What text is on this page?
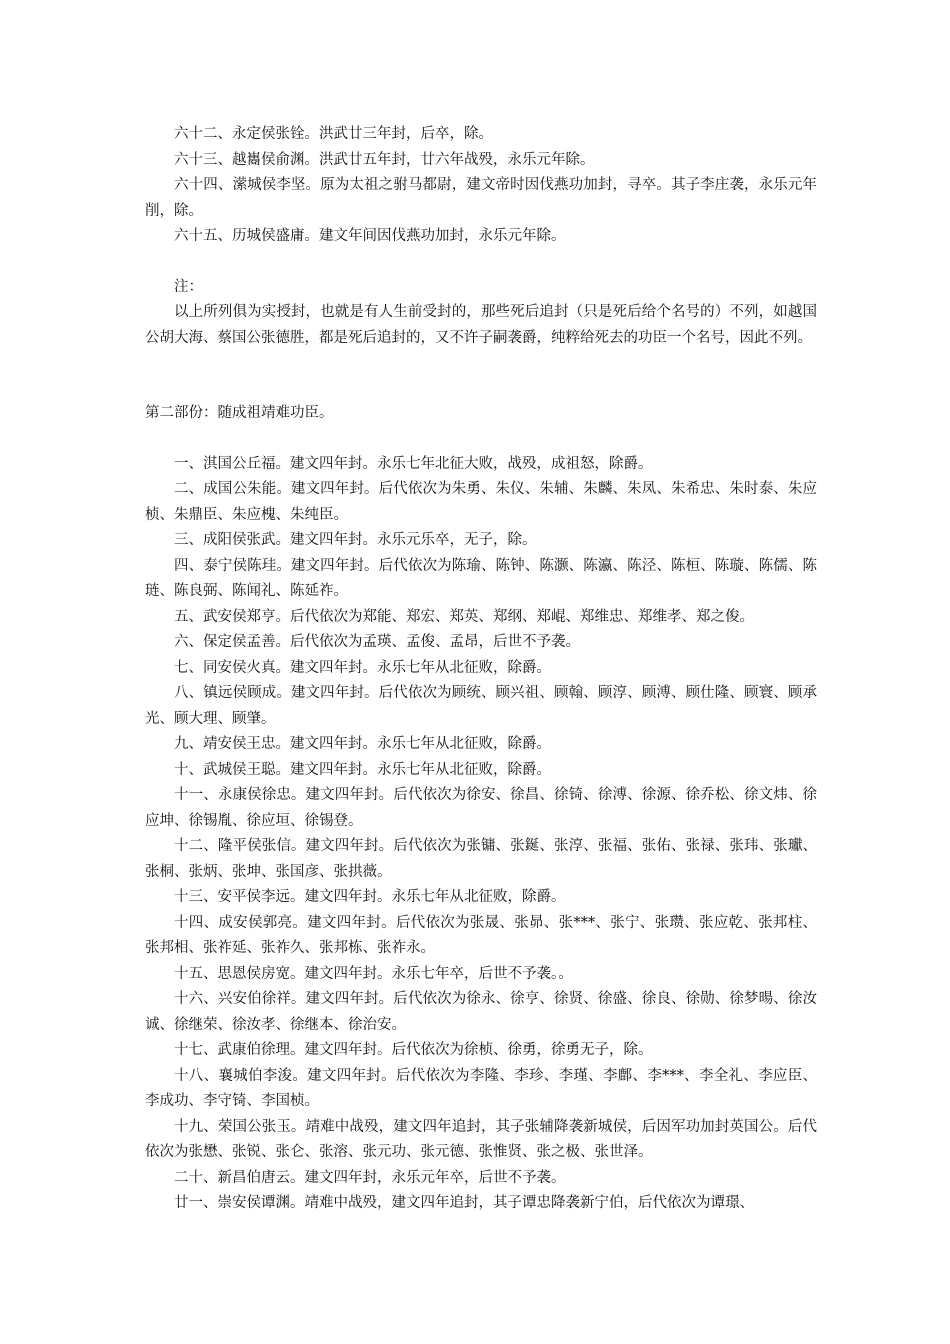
六十二、永定侯张铨。洪武廿三年封，后卒，除。

六十三、越巂侯俞渊。洪武廿五年封，廿六年战殁，永乐元年除。

六十四、潆城侯李坚。原为太祖之驸马都尉，建文帝时因伐燕功加封，寻卒。其子李庄袭，永乐元年削，除。

六十五、历城侯盛庸。建文年间因伐燕功加封，永乐元年除。

注：

以上所列俱为实授封，也就是有人生前受封的，那些死后追封（只是死后给个名号的）不列，如越国公胡大海、蔡国公张德胜，都是死后追封的，又不许子嗣袭爵，纯粹给死去的功臣一个名号，因此不列。

第二部份：随成祖靖难功臣。

一、淇国公丘福。建文四年封。永乐七年北征大败，战殁，成祖怒，除爵。

二、成国公朱能。建文四年封。后代依次为朱勇、朱仪、朱辅、朱麟、朱凤、朱希忠、朱时泰、朱应桢、朱鼎臣、朱应槐、朱纯臣。

三、成阳侯张武。建文四年封。永乐元乐卒，无子，除。

四、泰宁侯陈珪。建文四年封。后代依次为陈瑜、陈钟、陈灏、陈瀛、陈泾、陈桓、陈璇、陈儒、陈琏、陈良弼、陈闻礼、陈延祚。

五、武安侯郑亨。后代依次为郑能、郑宏、郑英、郑纲、郑崐、郑维忠、郑维孝、郑之俊。

六、保定侯孟善。后代依次为孟瑛、孟俊、孟昂，后世不予袭。

七、同安侯火真。建文四年封。永乐七年从北征败，除爵。

八、镇远侯顾成。建文四年封。后代依次为顾统、顾兴祖、顾翰、顾淳、顾溥、顾仕隆、顾寰、顾承光、顾大理、顾肇。

九、靖安侯王忠。建文四年封。永乐七年从北征败，除爵。

十、武城侯王聪。建文四年封。永乐七年从北征败，除爵。

十一、永康侯徐忠。建文四年封。后代依次为徐安、徐昌、徐锜、徐溥、徐源、徐乔松、徐文炜、徐应坤、徐锡胤、徐应垣、徐锡登。

十二、隆平侯张信。建文四年封。后代依次为张镛、张鋋、张淳、张福、张佑、张禄、张玮、张瓛、张桐、张炳、张坤、张国彦、张拱薇。

十三、安平侯李远。建文四年封。永乐七年从北征败，除爵。

十四、成安侯郭亮。建文四年封。后代依次为张晟、张昴、张***、张宁、张瓒、张应乾、张邦柱、张邦相、张祚延、张祚久、张邦栋、张祚永。

十五、思恩侯房宽。建文四年封。永乐七年卒，后世不予袭。。

十六、兴安伯徐祥。建文四年封。后代依次为徐永、徐亨、徐贤、徐盛、徐良、徐勋、徐梦暘、徐汝诚、徐继荣、徐汝孝、徐继本、徐治安。

十七、武康伯徐理。建文四年封。后代依次为徐桢、徐勇，徐勇无子，除。

十八、襄城伯李浚。建文四年封。后代依次为李隆、李珍、李瑾、李鄜、李***、李全礼、李应臣、李成功、李守锜、李国桢。

十九、荣国公张玉。靖难中战殁，建文四年追封，其子张辅降袭新城侯，后因军功加封英国公。后代依次为张懋、张锐、张仑、张溶、张元功、张元德、张惟贤、张之极、张世泽。

二十、新昌伯唐云。建文四年封，永乐元年卒，后世不予袭。

廿一、崇安侯谭渊。靖难中战殁，建文四年追封，其子谭忠降袭新宁伯，后代依次为谭璟、
